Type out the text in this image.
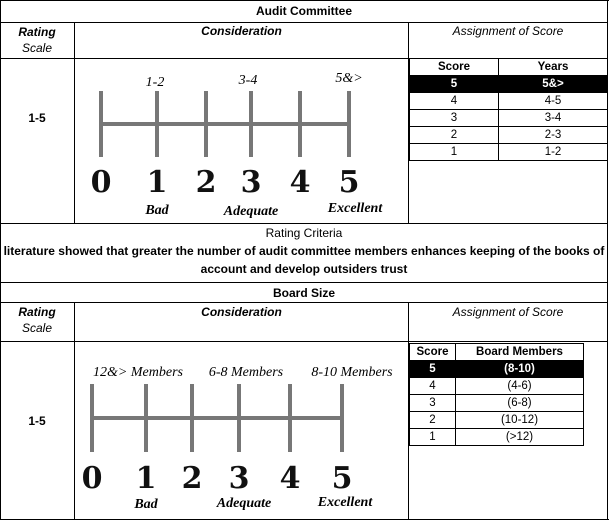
Audit Committee
Rating
Scale
Consideration	Assignment of Score
1-5
1-2	3-4	5&>
0 1 2 3 4 5
Bad	Adequate	Excellent
Score	Years
5	5&>
4	4-5
3	3-4
2	2-3
1	1-2
Rating Criteria
literature showed that greater the number of audit committee members enhances keeping of the books of
account and develop outsiders trust
Board Size
Rating
Scale
Consideration	Assignment of Score
1-5
12&> Members 6-8 Members 8-10 Members
0 1 2 3 4 5
Bad	Adequate	Excellent
Score	Board Members
5	(8-10)
4	(4-6)
3	(6-8)
2	(10-12)
1	(>12)
